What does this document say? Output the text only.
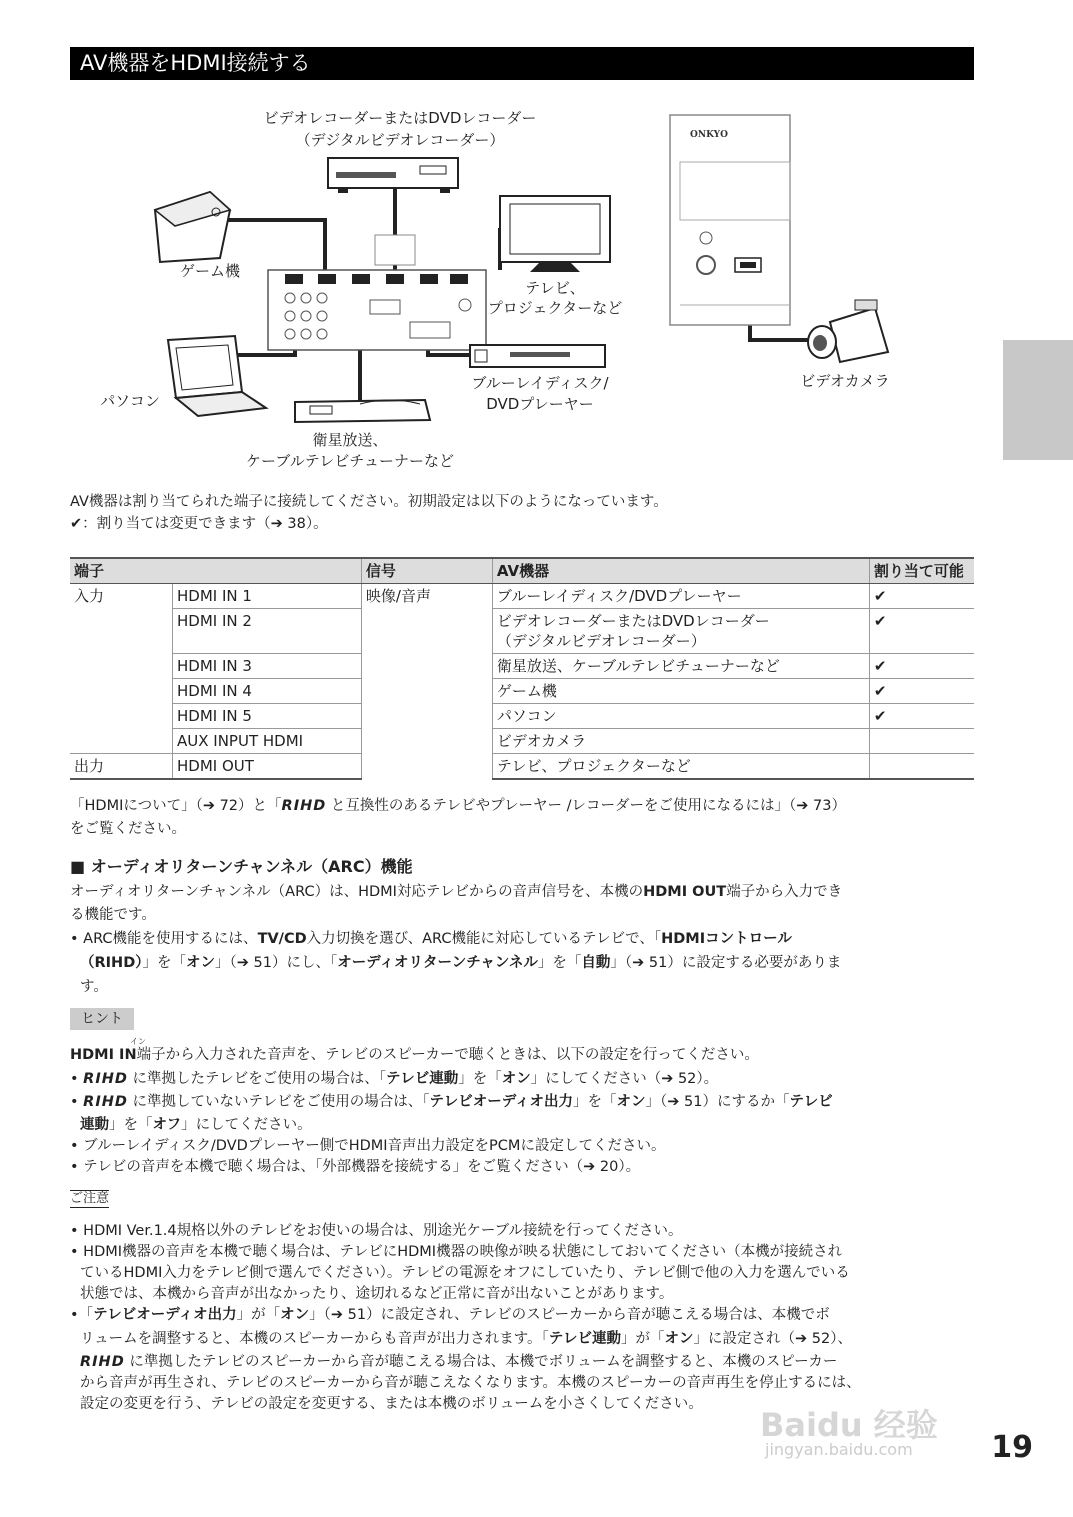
AV機器をHDMI接続する
ONKYO
ビデオレコーダーまたはDVDレコーダー
（デジタルビデオレコーダー）
ゲーム機
テレビ、
プロジェクターなど
パソコン
ブルーレイディスク/
DVDプレーヤー
衛星放送、
ケーブルテレビチューナーなど
ビデオカメラ
AV機器は割り当てられた端子に接続してください。初期設定は以下のようになっています。
✔：割り当ては変更できます（➔ 38）。
端子		信号	AV機器	割り当て可能
入力	HDMI IN 1	映像/音声	ブルーレイディスク/DVDプレーヤー	✔
	HDMI IN 2		ビデオレコーダーまたはDVDレコーダー
（デジタルビデオレコーダー）	✔
	HDMI IN 3		衛星放送、ケーブルテレビチューナーなど	✔
	HDMI IN 4		ゲーム機	✔
	HDMI IN 5		パソコン	✔
	AUX INPUT HDMI		ビデオカメラ	
出力	HDMI OUT		テレビ、プロジェクターなど	
「HDMIについて」（➔ 72）と「RIHD と互換性のあるテレビやプレーヤー /レコーダーをご使用になるには」（➔ 73）
をご覧ください。
■ オーディオリターンチャンネル（ARC）機能
オーディオリターンチャンネル（ARC）は、HDMI対応テレビからの音声信号を、本機のHDMI OUT端子から入力でき
る機能です。
• ARC機能を使用するには、TV/CD入力切換を選び、ARC機能に対応しているテレビで、「HDMIコントロール
（RIHD）」を「オン」（➔ 51）にし、「オーディオリターンチャンネル」を「自動」（➔ 51）に設定する必要がありま
す。
ヒント
イン
HDMI IN端子から入力された音声を、テレビのスピーカーで聴くときは、以下の設定を行ってください。
• RIHD に準拠したテレビをご使用の場合は、「テレビ連動」を「オン」にしてください（➔ 52）。
• RIHD に準拠していないテレビをご使用の場合は、「テレビオーディオ出力」を「オン」（➔ 51）にするか「テレビ
連動」を「オフ」にしてください。
• ブルーレイディスク/DVDプレーヤー側でHDMI音声出力設定をPCMに設定してください。
• テレビの音声を本機で聴く場合は、「外部機器を接続する」をご覧ください（➔ 20）。
ご注意
• HDMI Ver.1.4規格以外のテレビをお使いの場合は、別途光ケーブル接続を行ってください。
• HDMI機器の音声を本機で聴く場合は、テレビにHDMI機器の映像が映る状態にしておいてください（本機が接続され
ているHDMI入力をテレビ側で選んでください）。テレビの電源をオフにしていたり、テレビ側で他の入力を選んでいる
状態では、本機から音声が出なかったり、途切れるなど正常に音が出ないことがあります。
•「テレビオーディオ出力」が「オン」（➔ 51）に設定され、テレビのスピーカーから音が聴こえる場合は、本機でボ
リュームを調整すると、本機のスピーカーからも音声が出力されます。「テレビ連動」が「オン」に設定され（➔ 52）、
RIHD に準拠したテレビのスピーカーから音が聴こえる場合は、本機でボリュームを調整すると、本機のスピーカー
から音声が再生され、テレビのスピーカーから音が聴こえなくなります。本機のスピーカーの音声再生を停止するには、
設定の変更を行う、テレビの設定を変更する、または本機のボリュームを小さくしてください。
Baidu 经验
jingyan.baidu.com	19
